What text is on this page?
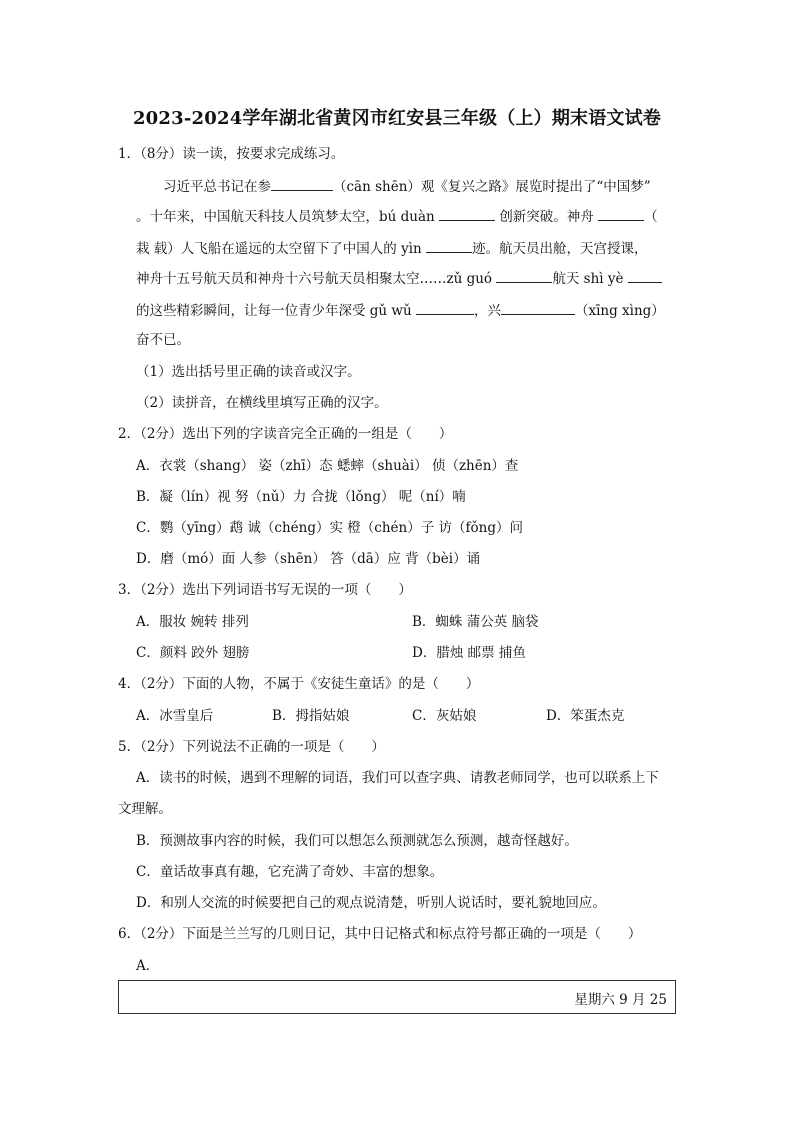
2023-2024学年湖北省黄冈市红安县三年级（上）期末语文试卷
1．（8分）读一读，按要求完成练习。
习近平总书记在参	（cān shēn）观《复兴之路》展览时提出了“中国梦”
。十年来，中国航天科技人员筑梦太空，bú duàn	创新突破。神舟	（
栽 载）人飞船在遥远的太空留下了中国人的 yìn	迹。航天员出舱，天宫授课，
神舟十五号航天员和神舟十六号航天员相聚太空……zǔ guó	航天 shì yè
的这些精彩瞬间，让每一位青少年深受 gǔ wǔ	，兴	（xīng xìng）
奋不已。
（1）选出括号里正确的读音或汉字。
（2）读拼音，在横线里填写正确的汉字。
2．（2分）选出下列的字读音完全正确的一组是（　　）
A．衣裳（shang） 姿（zhī）态 蟋蟀（shuài） 侦（zhēn）查
B．凝（lín）视 努（nǔ）力 合拢（lǒng） 呢（ní）喃
C．鹦（yīng）鹉 诚（chéng）实 橙（chén）子 访（fǒng）问
D．磨（mó）面 人参（shēn） 答（dā）应 背（bèi）诵
3．（2分）选出下列词语书写无误的一项（　　）
A．服妆 婉转 排列	B．蜘蛛 蒲公英 脑袋
C．颜料 跤外 翅膀	D．腊烛 邮票 捕鱼
4．（2分）下面的人物，不属于《安徒生童话》的是（　　）
A．冰雪皇后	B．拇指姑娘	C．灰姑娘	D．笨蛋杰克
5．（2分）下列说法不正确的一项是（　　）
A．读书的时候，遇到不理解的词语，我们可以查字典、请教老师同学，也可以联系上下
文理解。
B．预测故事内容的时候，我们可以想怎么预测就怎么预测，越奇怪越好。
C．童话故事真有趣，它充满了奇妙、丰富的想象。
D．和别人交流的时候要把自己的观点说清楚，听别人说话时，要礼貌地回应。
6．（2分）下面是兰兰写的几则日记，其中日记格式和标点符号都正确的一项是（　　）
A．
星期六 9 月 25
